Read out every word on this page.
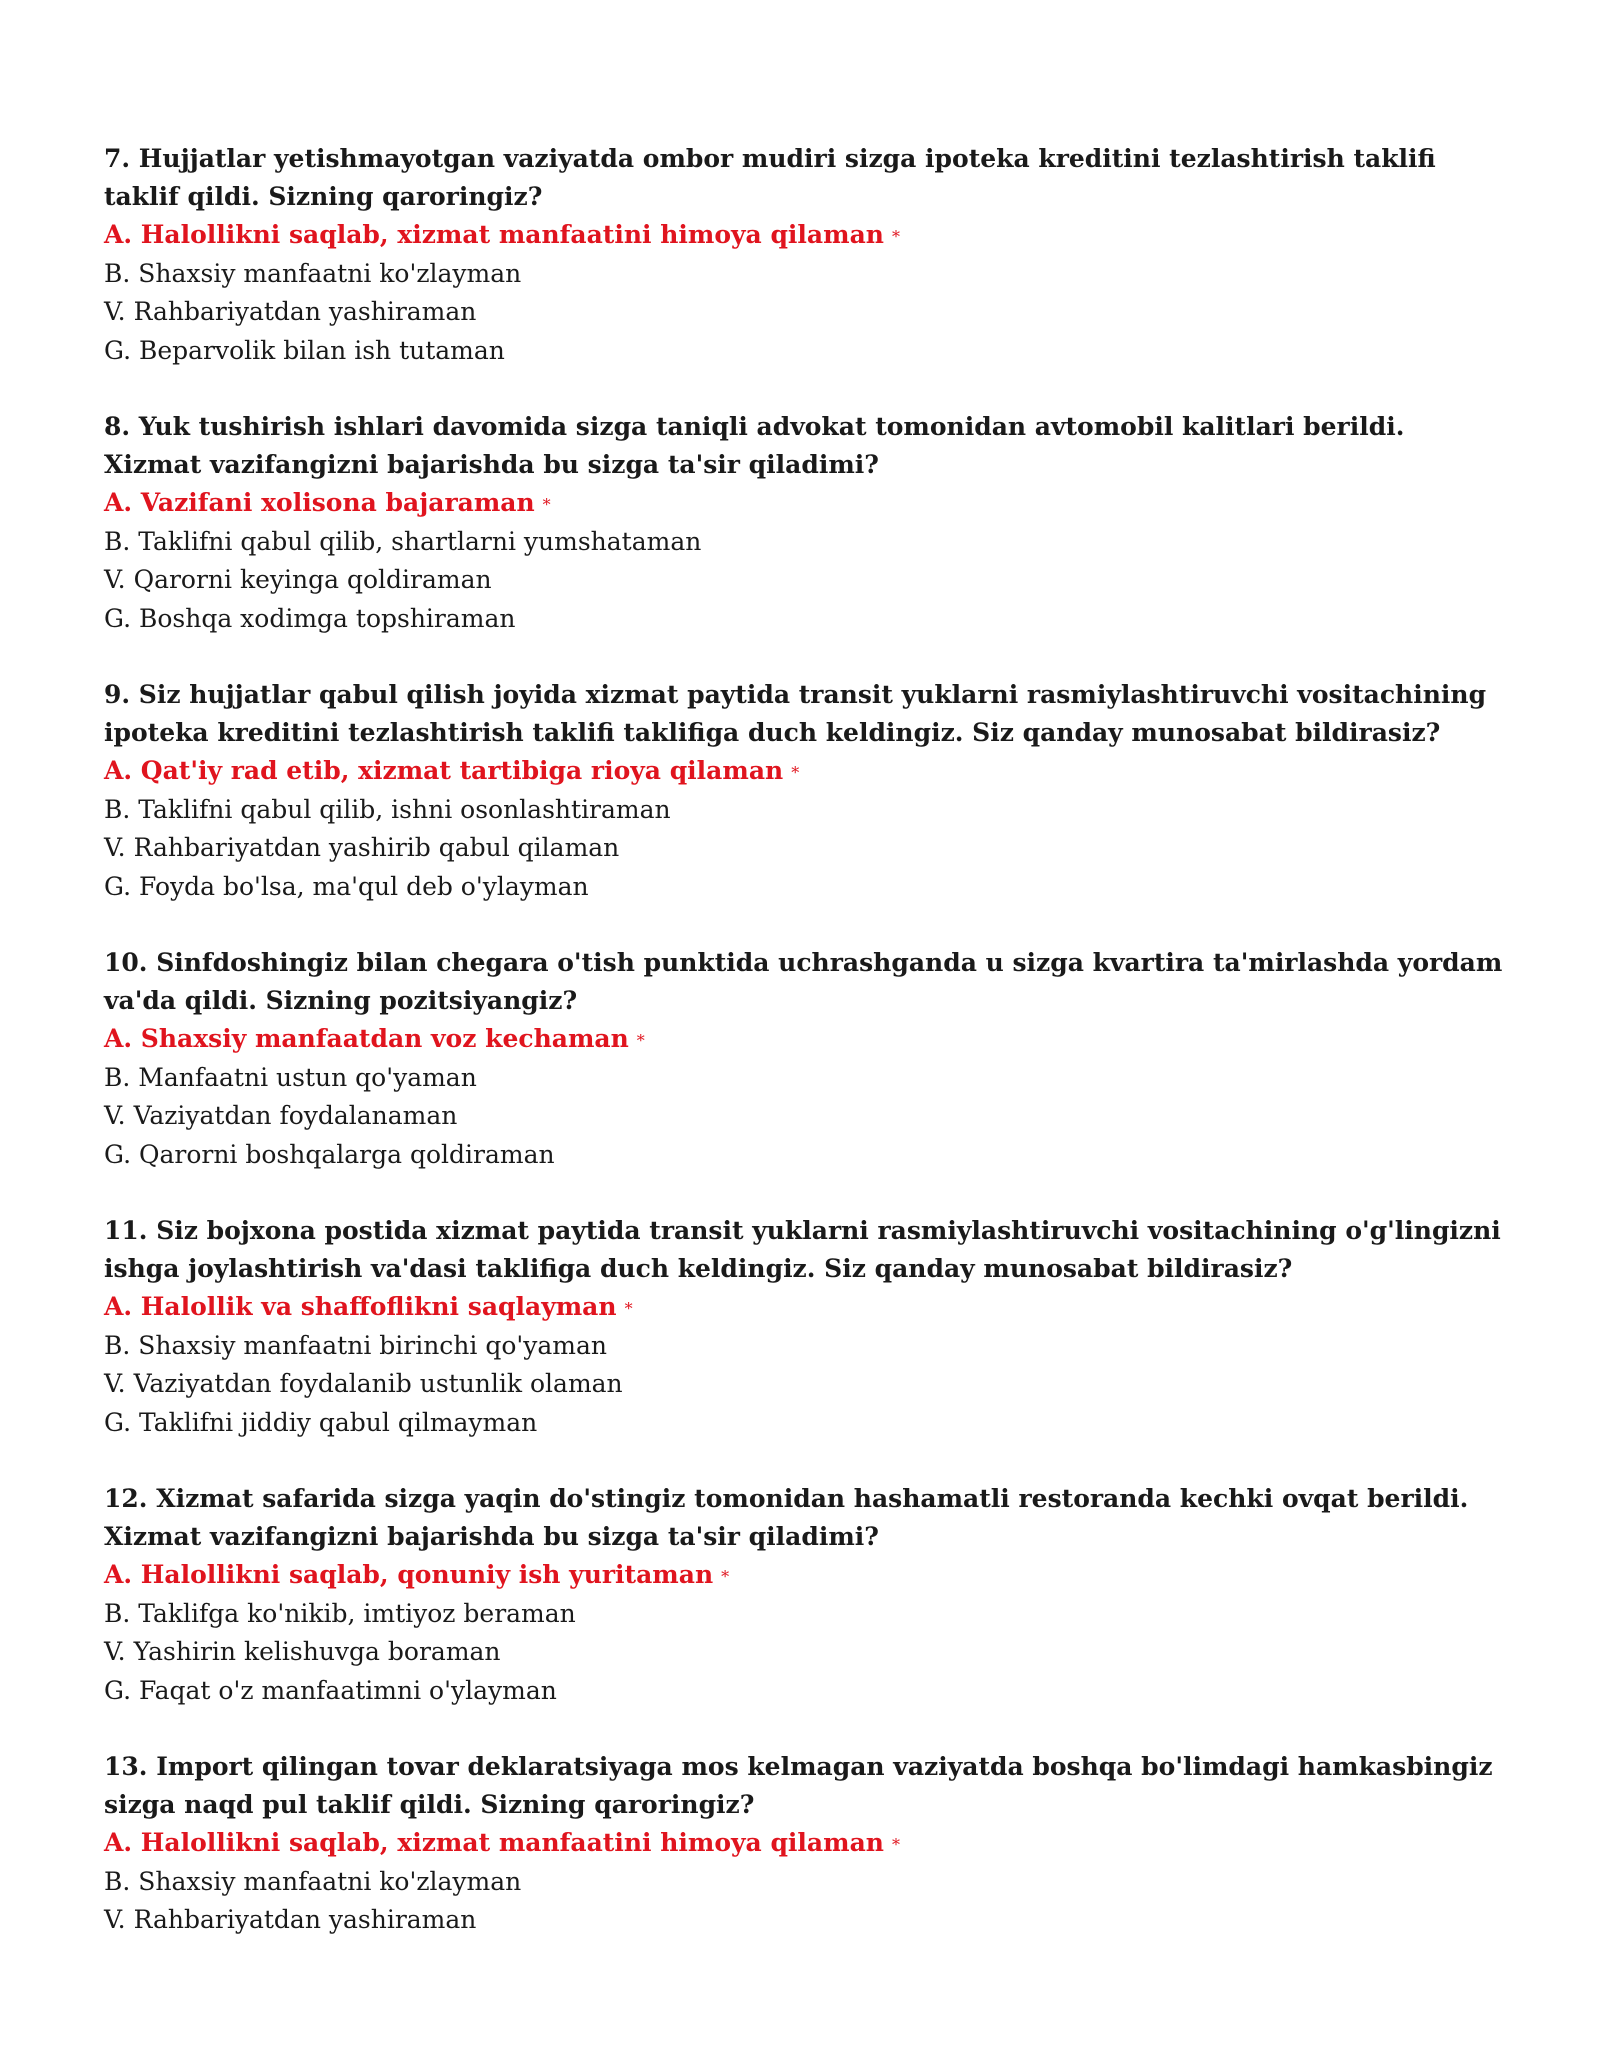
7. Hujjatlar yetishmayotgan vaziyatda ombor mudiri sizga ipoteka kreditini tezlashtirish taklifi taklif qildi. Sizning qaroringiz?

A. Halollikni saqlab, xizmat manfaatini himoya qilaman *
B. Shaxsiy manfaatni ko'zlayman
V. Rahbariyatdan yashiraman
G. Beparvolik bilan ish tutaman

8. Yuk tushirish ishlari davomida sizga taniqli advokat tomonidan avtomobil kalitlari berildi. Xizmat vazifangizni bajarishda bu sizga ta'sir qiladimi?

A. Vazifani xolisona bajaraman *
B. Taklifni qabul qilib, shartlarni yumshataman
V. Qarorni keyinga qoldiraman
G. Boshqa xodimga topshiraman

9. Siz hujjatlar qabul qilish joyida xizmat paytida transit yuklarni rasmiylashtiruvchi vositachining ipoteka kreditini tezlashtirish taklifi taklifiga duch keldingiz. Siz qanday munosabat bildirasiz?

A. Qat'iy rad etib, xizmat tartibiga rioya qilaman *
B. Taklifni qabul qilib, ishni osonlashtiraman
V. Rahbariyatdan yashirib qabul qilaman
G. Foyda bo'lsa, ma'qul deb o'ylayman

10. Sinfdoshingiz bilan chegara o'tish punktida uchrashganda u sizga kvartira ta'mirlashda yordam va'da qildi. Sizning pozitsiyangiz?

A. Shaxsiy manfaatdan voz kechaman *
B. Manfaatni ustun qo'yaman
V. Vaziyatdan foydalanaman
G. Qarorni boshqalarga qoldiraman

11. Siz bojxona postida xizmat paytida transit yuklarni rasmiylashtiruvchi vositachining o'g'lingizni ishga joylashtirish va'dasi taklifiga duch keldingiz. Siz qanday munosabat bildirasiz?

A. Halollik va shaffoflikni saqlayman *
B. Shaxsiy manfaatni birinchi qo'yaman
V. Vaziyatdan foydalanib ustunlik olaman
G. Taklifni jiddiy qabul qilmayman

12. Xizmat safarida sizga yaqin do'stingiz tomonidan hashamatli restoranda kechki ovqat berildi. Xizmat vazifangizni bajarishda bu sizga ta'sir qiladimi?

A. Halollikni saqlab, qonuniy ish yuritaman *
B. Taklifga ko'nikib, imtiyoz beraman
V. Yashirin kelishuvga boraman
G. Faqat o'z manfaatimni o'ylayman

13. Import qilingan tovar deklaratsiyaga mos kelmagan vaziyatda boshqa bo'limdagi hamkasbingiz sizga naqd pul taklif qildi. Sizning qaroringiz?

A. Halollikni saqlab, xizmat manfaatini himoya qilaman *
B. Shaxsiy manfaatni ko'zlayman
V. Rahbariyatdan yashiraman
